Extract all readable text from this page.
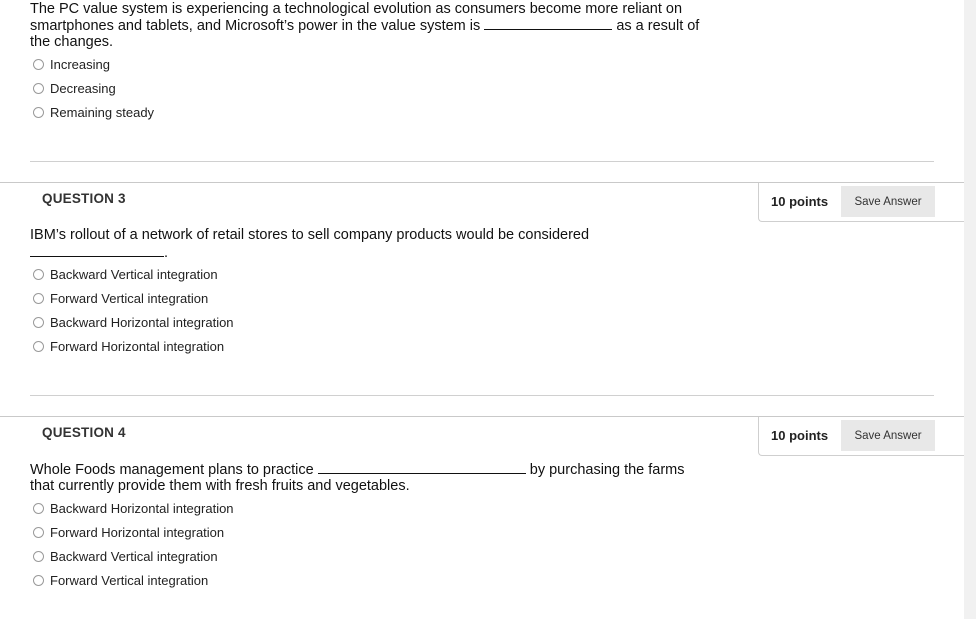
The PC value system is experiencing a technological evolution as consumers become more reliant on
smartphones and tablets, and Microsoft’s power in the value system is	as a result of
the changes.
Increasing
Decreasing
Remaining steady
QUESTION 3	10 points	Save Answer
IBM’s rollout of a network of retail stores to sell company products would be considered
.
Backward Vertical integration
Forward Vertical integration
Backward Horizontal integration
Forward Horizontal integration
QUESTION 4	10 points	Save Answer
Whole Foods management plans to practice	by purchasing the farms
that currently provide them with fresh fruits and vegetables.
Backward Horizontal integration
Forward Horizontal integration
Backward Vertical integration
Forward Vertical integration
